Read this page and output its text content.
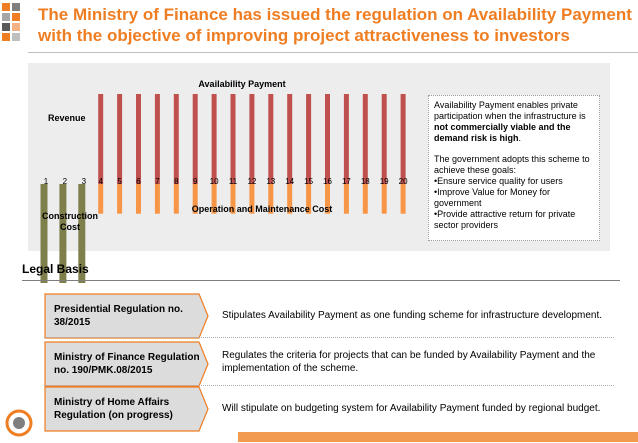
The Ministry of Finance has issued the regulation on Availability Payment with the objective of improving project attractiveness to investors
1 2 3 4 5 6 7 8 9 10 11 12 13 14 15 16 17 18 19 20
Availability Payment
Revenue
Operation and Maintenance Cost
Construction
Cost

Availability Payment enables private participation when the infrastructure is not commercially viable and the demand risk is high.

The government adopts this scheme to achieve these goals:

•Ensure service quality for users

•Improve Value for Money for government

•Provide attractive return for private sector providers

Legal Basis
Presidential Regulation no. 38/2015
Stipulates Availability Payment as one funding scheme for infrastructure development.
Ministry of Finance Regulation no. 190/PMK.08/2015
Regulates the criteria for projects that can be funded by Availability Payment and the implementation of the scheme.
Ministry of Home Affairs Regulation (on progress)
Will stipulate on budgeting system for Availability Payment funded by regional budget.
